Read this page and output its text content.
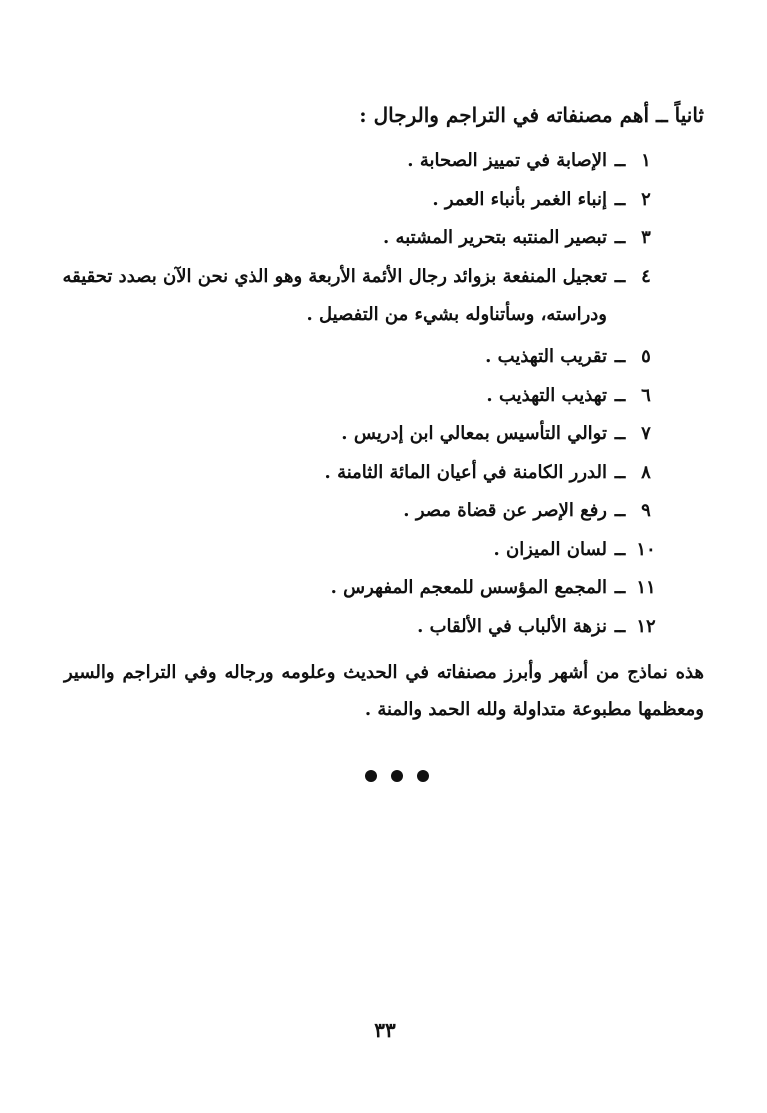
ثانياً ــ أهم مصنفاته في التراجم والرجال :
١
ــ
الإصابة في تمييز الصحابة .
٢
ــ
إنباء الغمر بأنباء العمر .
٣
ــ
تبصير المنتبه بتحرير المشتبه .
٤
ــ
تعجيل المنفعة بزوائد رجال الأئمة الأربعة وهو الذي نحن الآن بصدد تحقيقه ودراسته، وسأتناوله بشيء من التفصيل .
٥
ــ
تقريب التهذيب .
٦
ــ
تهذيب التهذيب .
٧
ــ
توالي التأسيس بمعالي ابن إدريس .
٨
ــ
الدرر الكامنة في أعيان المائة الثامنة .
٩
ــ
رفع الإصر عن قضاة مصر .
١٠
ــ
لسان الميزان .
١١
ــ
المجمع المؤسس للمعجم المفهرس .
١٢
ــ
نزهة الألباب في الألقاب .
هذه نماذج من أشهر وأبرز مصنفاته في الحديث وعلومه ورجاله وفي التراجم والسير ومعظمها مطبوعة متداولة ولله الحمد والمنة .
٣٣
